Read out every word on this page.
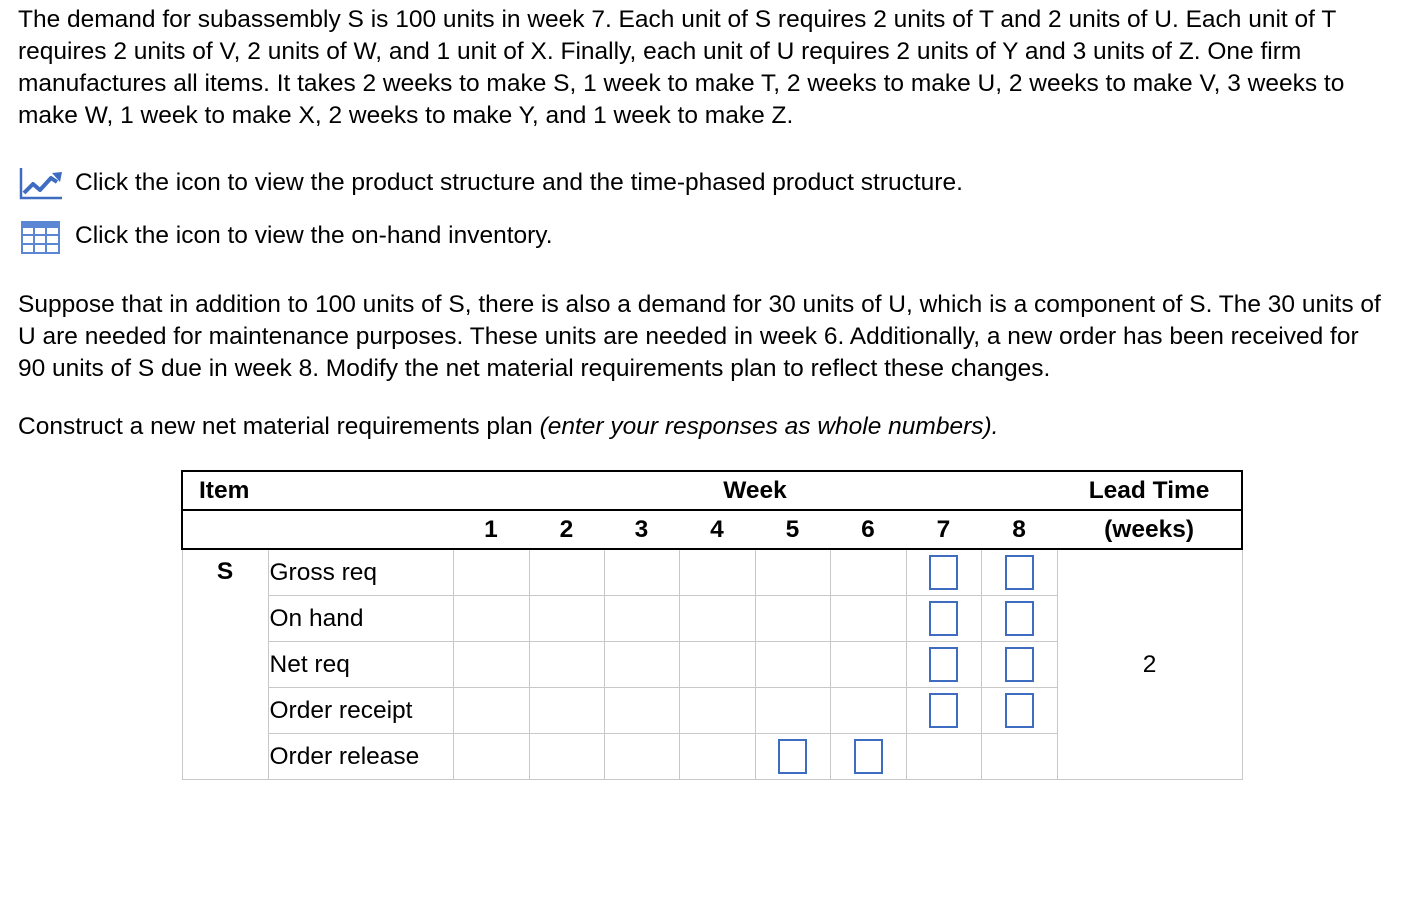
The demand for subassembly S is 100 units in week 7. Each unit of S requires 2 units of T and 2 units of U. Each unit of T requires 2 units of V, 2 units of W, and 1 unit of X. Finally, each unit of U requires 2 units of Y and 3 units of Z. One firm manufactures all items. It takes 2 weeks to make S, 1 week to make T, 2 weeks to make U, 2 weeks to make V, 3 weeks to make W, 1 week to make X, 2 weeks to make Y, and 1 week to make Z.

Click the icon to view the product structure and the time-phased product structure.
Click the icon to view the on-hand inventory.

Suppose that in addition to 100 units of S, there is also a demand for 30 units of U, which is a component of S. The 30 units of U are needed for maintenance purposes. These units are needed in week 6. Additionally, a new order has been received for 90 units of S due in week 8. Modify the net material requirements plan to reflect these changes.

Construct a new net material requirements plan (enter your responses as whole numbers).

Item		Week								Lead Time
		1	2	3	4	5	6	7	8	(weeks)
S	Gross req									2
	On hand									
	Net req									
	Order receipt									
	Order release									
